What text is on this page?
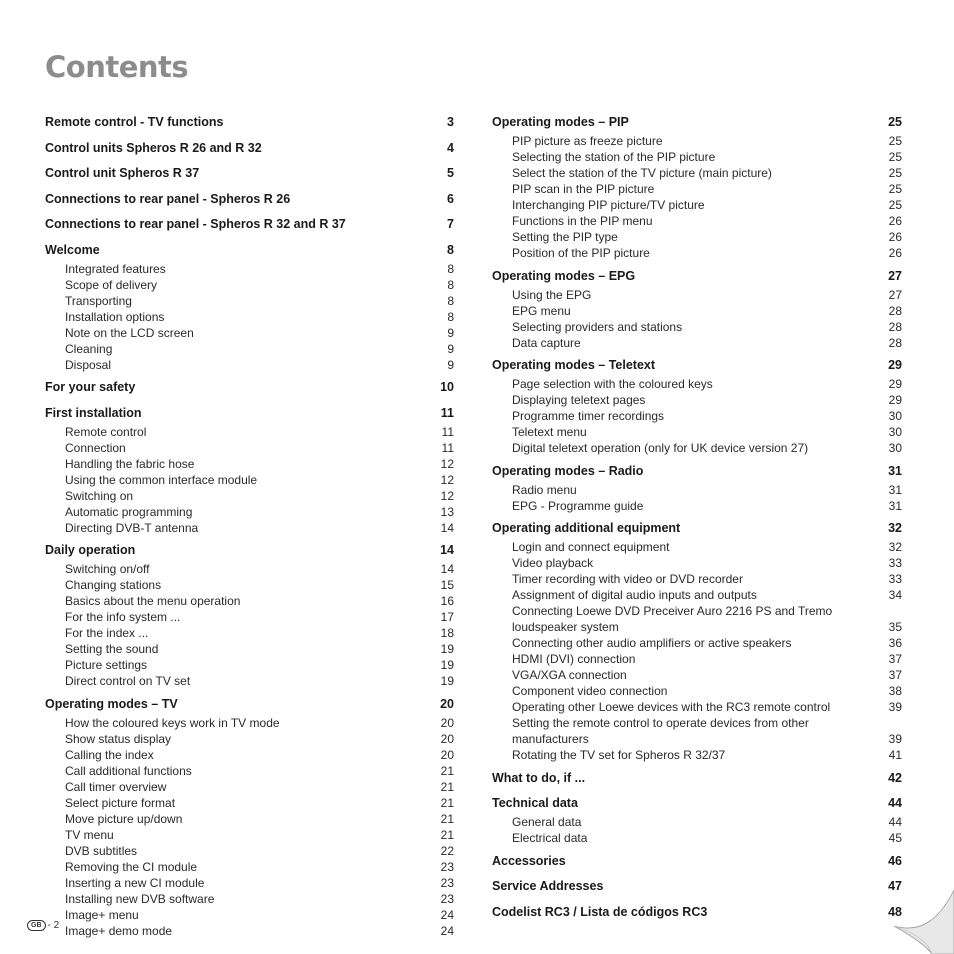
Contents
Remote control - TV functions	3
Control units Spheros R 26 and R 32	4
Control unit Spheros R 37	5
Connections to rear panel - Spheros R 26	6
Connections to rear panel - Spheros R 32 and R 37	7
Welcome	8
Integrated features	8
Scope of delivery	8
Transporting	8
Installation options	8
Note on the LCD screen	9
Cleaning	9
Disposal	9
For your safety	10
First installation	11
Remote control	11
Connection	11
Handling the fabric hose	12
Using the common interface module	12
Switching on	12
Automatic programming	13
Directing DVB-T antenna	14
Daily operation	14
Switching on/off	14
Changing stations	15
Basics about the menu operation	16
For the info system ...	17
For the index ...	18
Setting the sound	19
Picture settings	19
Direct control on TV set	19
Operating modes – TV	20
How the coloured keys work in TV mode	20
Show status display	20
Calling the index	20
Call additional functions	21
Call timer overview	21
Select picture format	21
Move picture up/down	21
TV menu	21
DVB subtitles	22
Removing the CI module	23
Inserting a new CI module	23
Installing new DVB software	23
Image+ menu	24
Image+ demo mode	24
Operating modes – PIP	25
PIP picture as freeze picture	25
Selecting the station of the PIP picture	25
Select the station of the TV picture (main picture)	25
PIP scan in the PIP picture	25
Interchanging PIP picture/TV picture	25
Functions in the PIP menu	26
Setting the PIP type	26
Position of the PIP picture	26
Operating modes – EPG	27
Using the EPG	27
EPG menu	28
Selecting providers and stations	28
Data capture	28
Operating modes – Teletext	29
Page selection with the coloured keys	29
Displaying teletext pages	29
Programme timer recordings	30
Teletext menu	30
Digital teletext operation (only for UK device version 27)	30
Operating modes – Radio	31
Radio menu	31
EPG - Programme guide	31
Operating additional equipment	32
Login and connect equipment	32
Video playback	33
Timer recording with video or DVD recorder	33
Assignment of digital audio inputs and outputs	34
Connecting Loewe DVD Preceiver Auro 2216 PS and Tremo loudspeaker system	35
Connecting other audio amplifiers or active speakers	36
HDMI (DVI) connection	37
VGA/XGA connection	37
Component video connection	38
Operating other Loewe devices with the RC3 remote control	39
Setting the remote control to operate devices from other manufacturers	39
Rotating the TV set for Spheros R 32/37	41
What to do, if ...	42
Technical data	44
General data	44
Electrical data	45
Accessories	46
Service Addresses	47
Codelist RC3 / Lista de códigos RC3	48
GB - 2
